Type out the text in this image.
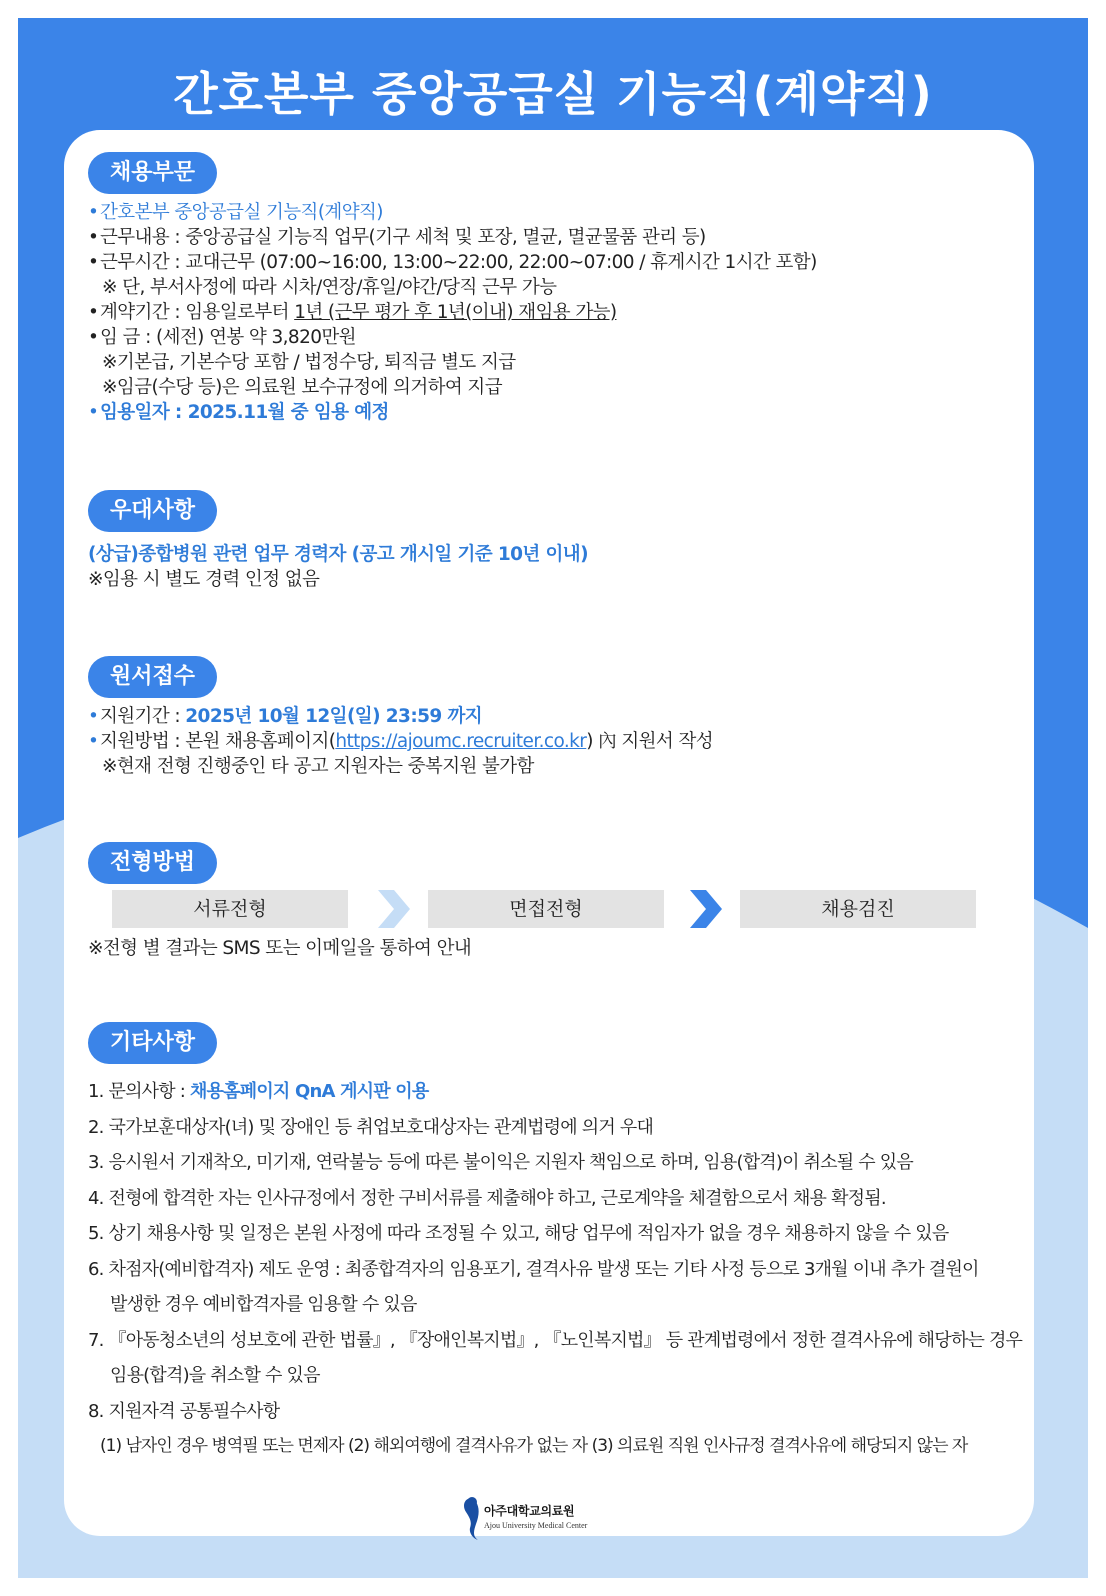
간호본부 중앙공급실 기능직(계약직)
채용부문
•간호본부 중앙공급실 기능직(계약직)
•근무내용 : 중앙공급실 기능직 업무(기구 세척 및 포장, 멸균, 멸균물품 관리 등)
•근무시간 : 교대근무 (07:00~16:00, 13:00~22:00, 22:00~07:00 / 휴게시간 1시간 포함)
※ 단, 부서사정에 따라 시차/연장/휴일/야간/당직 근무 가능
•계약기간 : 임용일로부터 1년 (근무 평가 후 1년(이내) 재임용 가능)
•임 금 : (세전) 연봉 약 3,820만원
※기본급, 기본수당 포함 / 법정수당, 퇴직금 별도 지급
※임금(수당 등)은 의료원 보수규정에 의거하여 지급
•임용일자 : 2025.11월 중 임용 예정
우대사항
(상급)종합병원 관련 업무 경력자 (공고 개시일 기준 10년 이내)
※임용 시 별도 경력 인정 없음
원서접수
•지원기간 : 2025년 10월 12일(일) 23:59 까지
•지원방법 : 본원 채용홈페이지(https://ajoumc.recruiter.co.kr) 內 지원서 작성
※현재 전형 진행중인 타 공고 지원자는 중복지원 불가함
전형방법
서류전형	면접전형	채용검진
※전형 별 결과는 SMS 또는 이메일을 통하여 안내
기타사항
1. 문의사항 : 채용홈페이지 QnA 게시판 이용
2. 국가보훈대상자(녀) 및 장애인 등 취업보호대상자는 관계법령에 의거 우대
3. 응시원서 기재착오, 미기재, 연락불능 등에 따른 불이익은 지원자 책임으로 하며, 임용(합격)이 취소될 수 있음
4. 전형에 합격한 자는 인사규정에서 정한 구비서류를 제출해야 하고, 근로계약을 체결함으로서 채용 확정됨.
5. 상기 채용사항 및 일정은 본원 사정에 따라 조정될 수 있고, 해당 업무에 적임자가 없을 경우 채용하지 않을 수 있음
6. 차점자(예비합격자) 제도 운영 : 최종합격자의 임용포기, 결격사유 발생 또는 기타 사정 등으로 3개월 이내 추가 결원이
발생한 경우 예비합격자를 임용할 수 있음
7. 『아동청소년의 성보호에 관한 법률』, 『장애인복지법』, 『노인복지법』 등 관계법령에서 정한 결격사유에 해당하는 경우
임용(합격)을 취소할 수 있음
8. 지원자격 공통필수사항
(1) 남자인 경우 병역필 또는 면제자 (2) 해외여행에 결격사유가 없는 자 (3) 의료원 직원 인사규정 결격사유에 해당되지 않는 자
아주대학교의료원
Ajou University Medical Center
